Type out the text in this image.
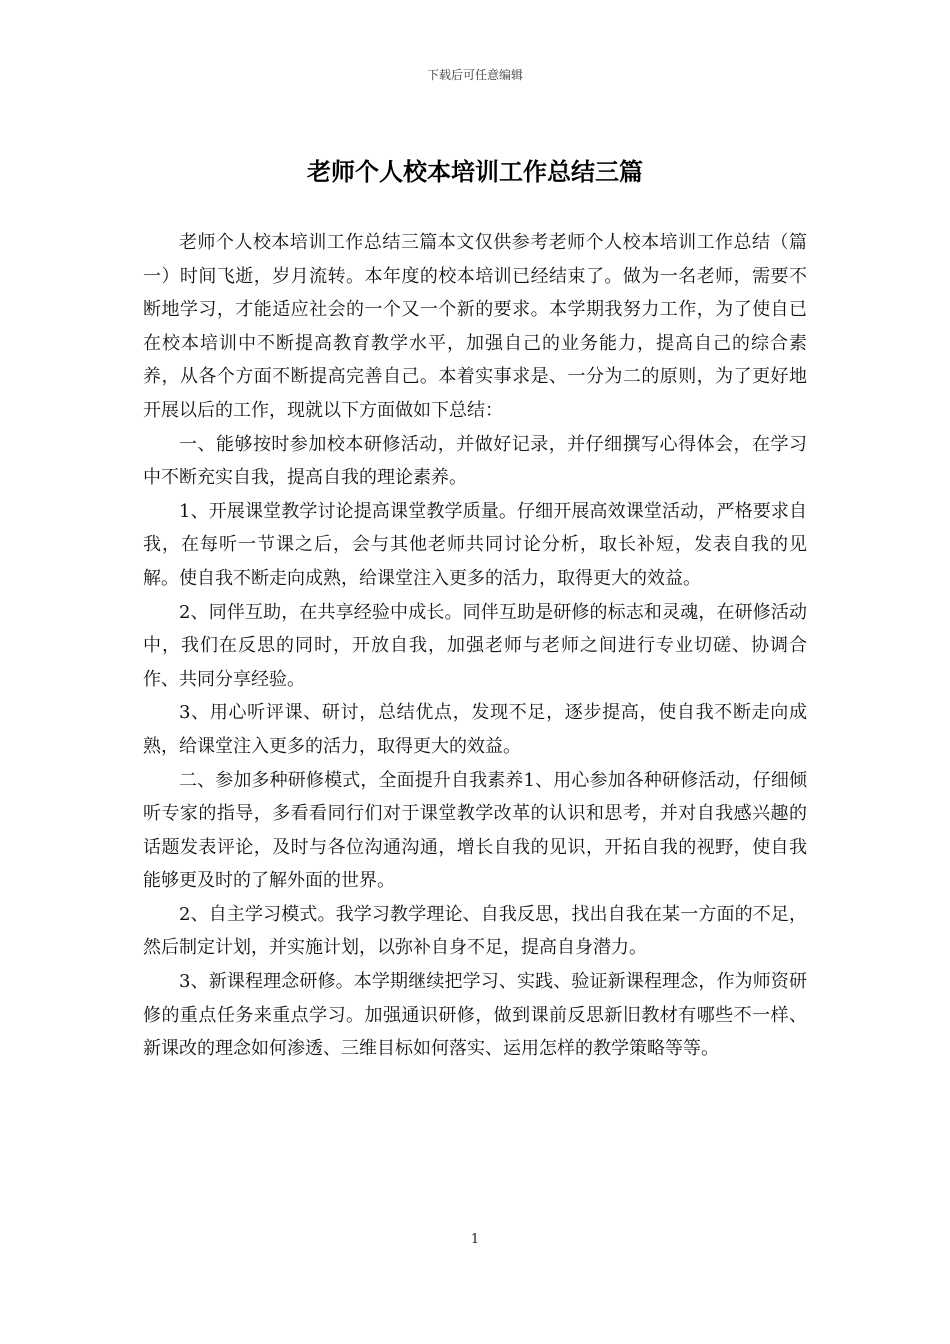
下载后可任意编辑
老师个人校本培训工作总结三篇

老师个人校本培训工作总结三篇本文仅供参考老师个人校本培训工作总结（篇一）时间飞逝，岁月流转。本年度的校本培训已经结束了。做为一名老师，需要不断地学习，才能适应社会的一个又一个新的要求。本学期我努力工作，为了使自已在校本培训中不断提高教育教学水平，加强自己的业务能力，提高自己的综合素养，从各个方面不断提高完善自己。本着实事求是、一分为二的原则，为了更好地开展以后的工作，现就以下方面做如下总结：

一、能够按时参加校本研修活动，并做好记录，并仔细撰写心得体会，在学习中不断充实自我，提高自我的理论素养。

1、开展课堂教学讨论提高课堂教学质量。仔细开展高效课堂活动，严格要求自我，在每听一节课之后，会与其他老师共同讨论分析，取长补短，发表自我的见解。使自我不断走向成熟，给课堂注入更多的活力，取得更大的效益。

2、同伴互助，在共享经验中成长。同伴互助是研修的标志和灵魂，在研修活动中，我们在反思的同时，开放自我，加强老师与老师之间进行专业切磋、协调合作、共同分享经验。

3、用心听评课、研讨，总结优点，发现不足，逐步提高，使自我不断走向成熟，给课堂注入更多的活力，取得更大的效益。

二、参加多种研修模式，全面提升自我素养1、用心参加各种研修活动，仔细倾听专家的指导，多看看同行们对于课堂教学改革的认识和思考，并对自我感兴趣的话题发表评论，及时与各位沟通沟通，增长自我的见识，开拓自我的视野，使自我能够更及时的了解外面的世界。

2、自主学习模式。我学习教学理论、自我反思，找出自我在某一方面的不足，然后制定计划，并实施计划，以弥补自身不足，提高自身潜力。

3、新课程理念研修。本学期继续把学习、实践、验证新课程理念，作为师资研修的重点任务来重点学习。加强通识研修，做到课前反思新旧教材有哪些不一样、新课改的理念如何渗透、三维目标如何落实、运用怎样的教学策略等等。

1
